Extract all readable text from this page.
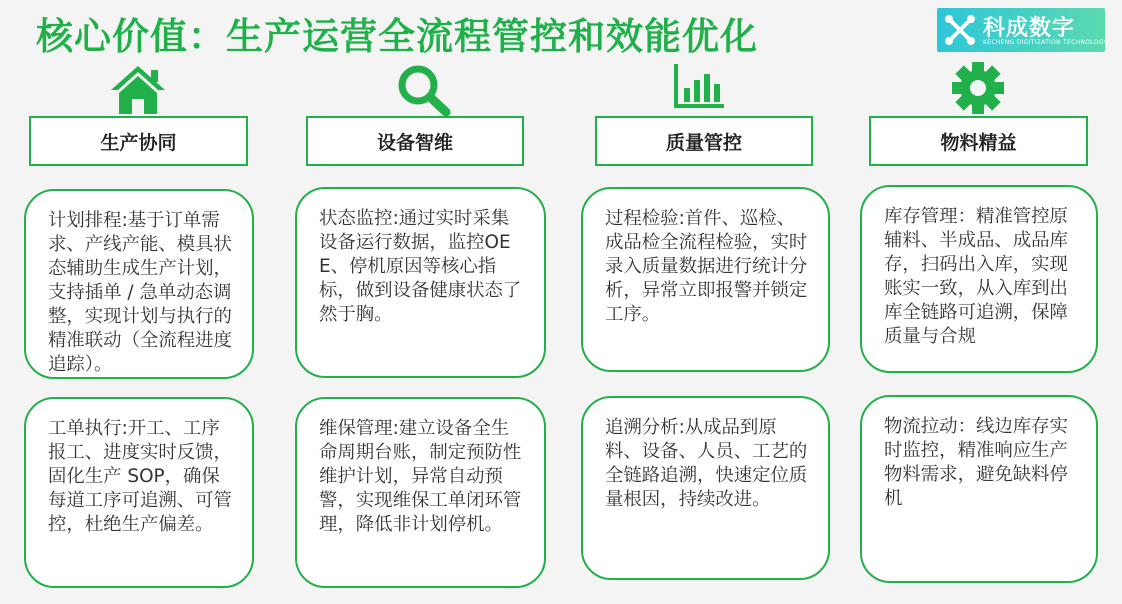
核心价值：生产运营全流程管控和效能优化	科成数字
KECHENG DIGITIZATION TECHNOLOGY
生产协同
计划排程:基于订单需求、产线产能、模具状态辅助生成生产计划，支持插单 / 急单动态调整，实现计划与执行的精准联动（全流程进度追踪）。
工单执行:开工、工序报工、进度实时反馈，固化生产 SOP，确保每道工序可追溯、可管控，杜绝生产偏差。
设备智维
状态监控:通过实时采集设备运行数据，监控OEE、停机原因等核心指标，做到设备健康状态了然于胸。
维保管理:建立设备全生命周期台账，制定预防性维护计划，异常自动预警，实现维保工单闭环管理，降低非计划停机。
质量管控
过程检验:首件、巡检、成品检全流程检验，实时录入质量数据进行统计分析，异常立即报警并锁定工序。
追溯分析:从成品到原料、设备、人员、工艺的全链路追溯，快速定位质量根因，持续改进。
物料精益
库存管理：精准管控原辅料、半成品、成品库存，扫码出入库，实现账实一致，从入库到出库全链路可追溯，保障质量与合规
物流拉动：线边库存实时监控，精准响应生产物料需求，避免缺料停机
